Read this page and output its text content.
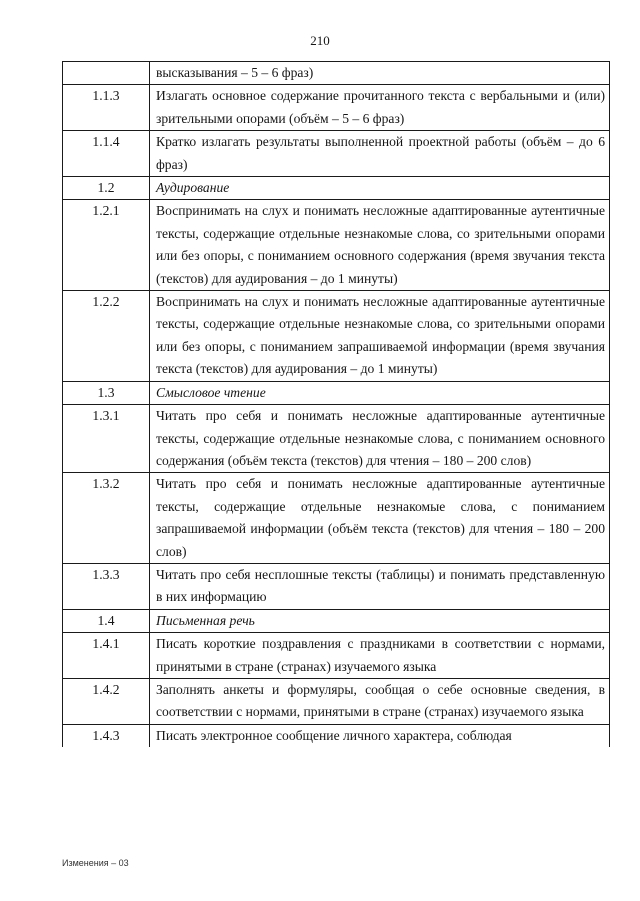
210
	высказывания – 5 – 6 фраз)
1.1.3	Излагать основное содержание прочитанного текста с вербальными и (или) зрительными опорами (объём – 5 – 6 фраз)
1.1.4	Кратко излагать результаты выполненной проектной работы (объём – до 6 фраз)
1.2	Аудирование
1.2.1	Воспринимать на слух и понимать несложные адаптированные аутентичные тексты, содержащие отдельные незнакомые слова, со зрительными опорами или без опоры, с пониманием основного содержания (время звучания текста (текстов) для аудирования – до 1 минуты)
1.2.2	Воспринимать на слух и понимать несложные адаптированные аутентичные тексты, содержащие отдельные незнакомые слова, со зрительными опорами или без опоры, с пониманием запрашиваемой информации (время звучания текста (текстов) для аудирования – до 1 минуты)
1.3	Смысловое чтение
1.3.1	Читать про себя и понимать несложные адаптированные аутентичные тексты, содержащие отдельные незнакомые слова, с пониманием основного содержания (объём текста (текстов) для чтения – 180 – 200 слов)
1.3.2	Читать про себя и понимать несложные адаптированные аутентичные тексты, содержащие отдельные незнакомые слова, с пониманием запрашиваемой информации (объём текста (текстов) для чтения – 180 – 200 слов)
1.3.3	Читать про себя несплошные тексты (таблицы) и понимать представленную в них информацию
1.4	Письменная речь
1.4.1	Писать короткие поздравления с праздниками в соответствии с нормами, принятыми в стране (странах) изучаемого языка
1.4.2	Заполнять анкеты и формуляры, сообщая о себе основные сведения, в соответствии с нормами, принятыми в стране (странах) изучаемого языка
1.4.3	Писать электронное сообщение личного характера, соблюдая
Изменения – 03
